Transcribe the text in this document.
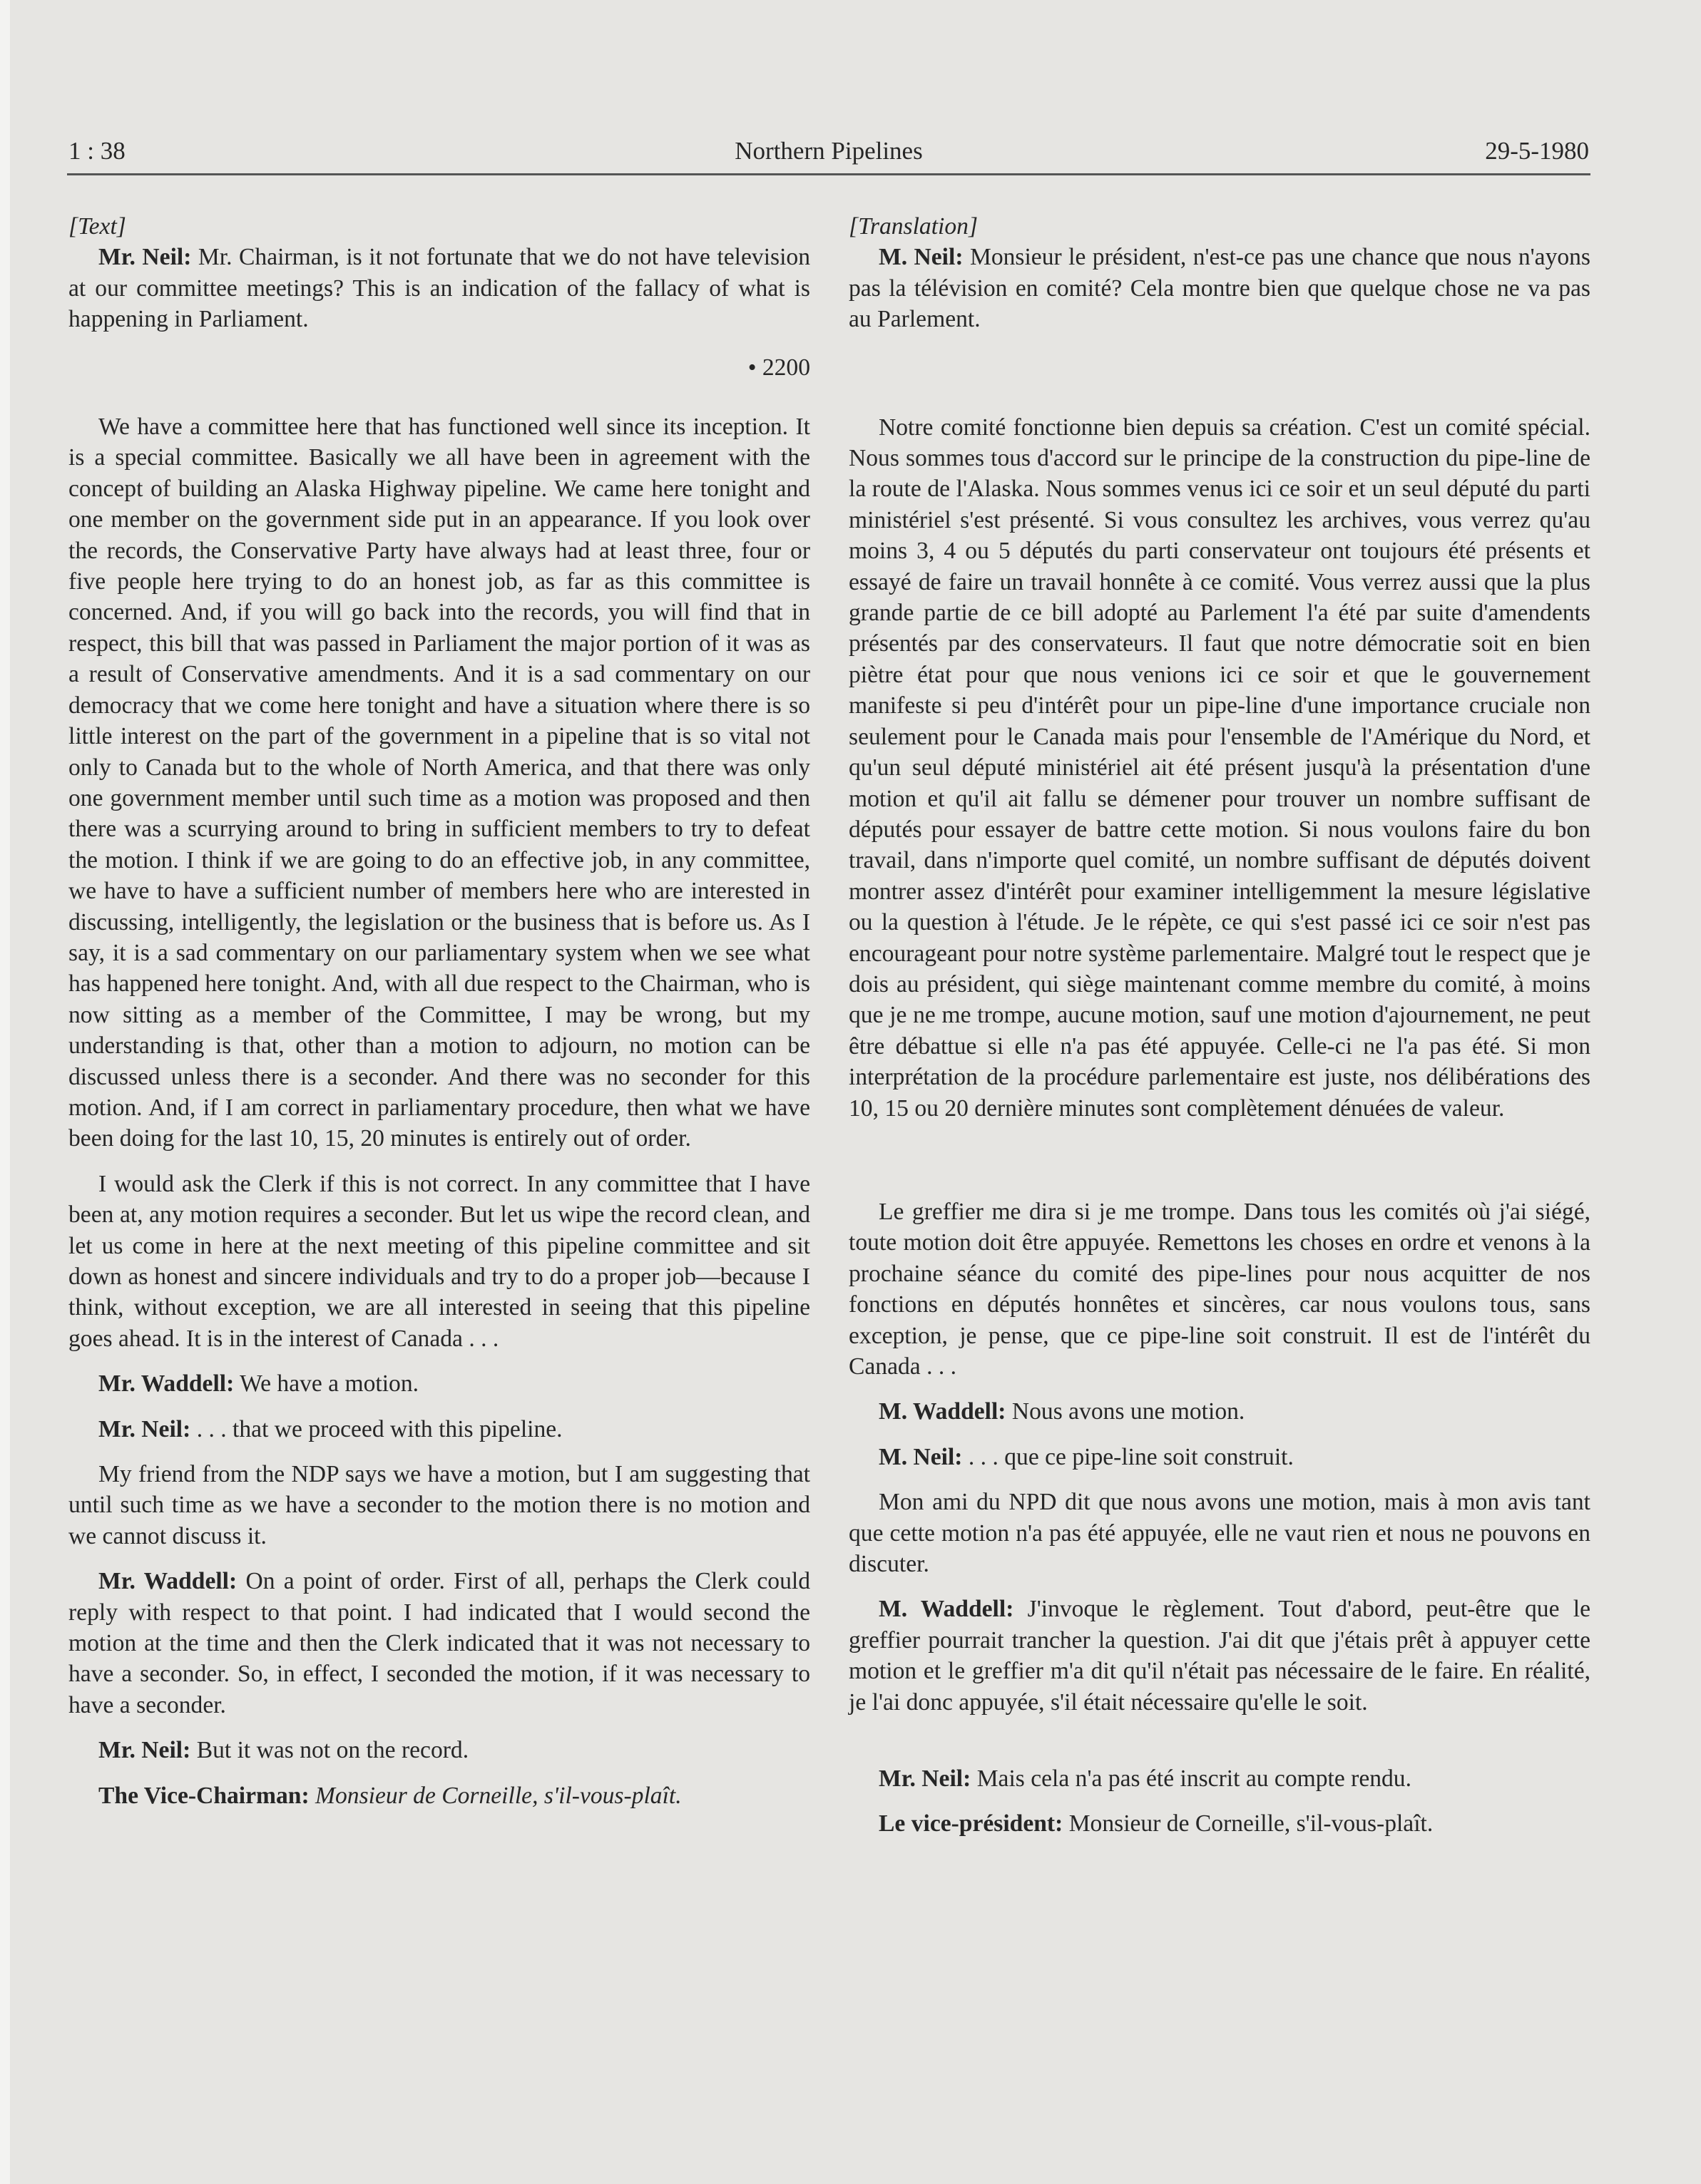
1 : 38	Northern Pipelines	29-5-1980

[Text]

Mr. Neil: Mr. Chairman, is it not fortunate that we do not have television at our committee meetings? This is an indication of the fallacy of what is happening in Parliament.

• 2200

We have a committee here that has functioned well since its inception. It is a special committee. Basically we all have been in agreement with the concept of building an Alaska Highway pipeline. We came here tonight and one member on the government side put in an appearance. If you look over the records, the Conservative Party have always had at least three, four or five people here trying to do an honest job, as far as this committee is concerned. And, if you will go back into the records, you will find that in respect, this bill that was passed in Parliament the major portion of it was as a result of Conservative amendments. And it is a sad commentary on our democracy that we come here tonight and have a situation where there is so little interest on the part of the government in a pipeline that is so vital not only to Canada but to the whole of North America, and that there was only one government member until such time as a motion was proposed and then there was a scurrying around to bring in sufficient members to try to defeat the motion. I think if we are going to do an effective job, in any committee, we have to have a sufficient number of members here who are interested in discussing, intelligently, the legislation or the business that is before us. As I say, it is a sad commentary on our parliamentary system when we see what has happened here tonight. And, with all due respect to the Chairman, who is now sitting as a member of the Committee, I may be wrong, but my understanding is that, other than a motion to adjourn, no motion can be discussed unless there is a seconder. And there was no seconder for this motion. And, if I am correct in parliamentary procedure, then what we have been doing for the last 10, 15, 20 minutes is entirely out of order.

I would ask the Clerk if this is not correct. In any committee that I have been at, any motion requires a seconder. But let us wipe the record clean, and let us come in here at the next meeting of this pipeline committee and sit down as honest and sincere individuals and try to do a proper job—because I think, without exception, we are all interested in seeing that this pipeline goes ahead. It is in the interest of Canada . . .

Mr. Waddell: We have a motion.

Mr. Neil: . . . that we proceed with this pipeline.

My friend from the NDP says we have a motion, but I am suggesting that until such time as we have a seconder to the motion there is no motion and we cannot discuss it.

Mr. Waddell: On a point of order. First of all, perhaps the Clerk could reply with respect to that point. I had indicated that I would second the motion at the time and then the Clerk indicated that it was not necessary to have a seconder. So, in effect, I seconded the motion, if it was necessary to have a seconder.

Mr. Neil: But it was not on the record.

The Vice-Chairman: Monsieur de Corneille, s'il-vous-plaît.

[Translation]

M. Neil: Monsieur le président, n'est-ce pas une chance que nous n'ayons pas la télévision en comité? Cela montre bien que quelque chose ne va pas au Parlement.

Notre comité fonctionne bien depuis sa création. C'est un comité spécial. Nous sommes tous d'accord sur le principe de la construction du pipe-line de la route de l'Alaska. Nous sommes venus ici ce soir et un seul député du parti ministériel s'est présenté. Si vous consultez les archives, vous verrez qu'au moins 3, 4 ou 5 députés du parti conservateur ont toujours été présents et essayé de faire un travail honnête à ce comité. Vous verrez aussi que la plus grande partie de ce bill adopté au Parlement l'a été par suite d'amendents présentés par des conservateurs. Il faut que notre démocratie soit en bien piètre état pour que nous venions ici ce soir et que le gouvernement manifeste si peu d'intérêt pour un pipe-line d'une importance cruciale non seulement pour le Canada mais pour l'ensemble de l'Amérique du Nord, et qu'un seul député ministériel ait été présent jusqu'à la présentation d'une motion et qu'il ait fallu se démener pour trouver un nombre suffisant de députés pour essayer de battre cette motion. Si nous voulons faire du bon travail, dans n'importe quel comité, un nombre suffisant de députés doivent montrer assez d'intérêt pour examiner intelligemment la mesure législative ou la question à l'étude. Je le répète, ce qui s'est passé ici ce soir n'est pas encourageant pour notre système parlementaire. Malgré tout le respect que je dois au président, qui siège maintenant comme membre du comité, à moins que je ne me trompe, aucune motion, sauf une motion d'ajournement, ne peut être débattue si elle n'a pas été appuyée. Celle-ci ne l'a pas été. Si mon interprétation de la procédure parlementaire est juste, nos délibérations des 10, 15 ou 20 dernière minutes sont complètement dénuées de valeur.

Le greffier me dira si je me trompe. Dans tous les comités où j'ai siégé, toute motion doit être appuyée. Remettons les choses en ordre et venons à la prochaine séance du comité des pipe-lines pour nous acquitter de nos fonctions en députés honnêtes et sincères, car nous voulons tous, sans exception, je pense, que ce pipe-line soit construit. Il est de l'intérêt du Canada . . .

M. Waddell: Nous avons une motion.

M. Neil: . . . que ce pipe-line soit construit.

Mon ami du NPD dit que nous avons une motion, mais à mon avis tant que cette motion n'a pas été appuyée, elle ne vaut rien et nous ne pouvons en discuter.

M. Waddell: J'invoque le règlement. Tout d'abord, peut-être que le greffier pourrait trancher la question. J'ai dit que j'étais prêt à appuyer cette motion et le greffier m'a dit qu'il n'était pas nécessaire de le faire. En réalité, je l'ai donc appuyée, s'il était nécessaire qu'elle le soit.

Mr. Neil: Mais cela n'a pas été inscrit au compte rendu.

Le vice-président: Monsieur de Corneille, s'il-vous-plaît.
